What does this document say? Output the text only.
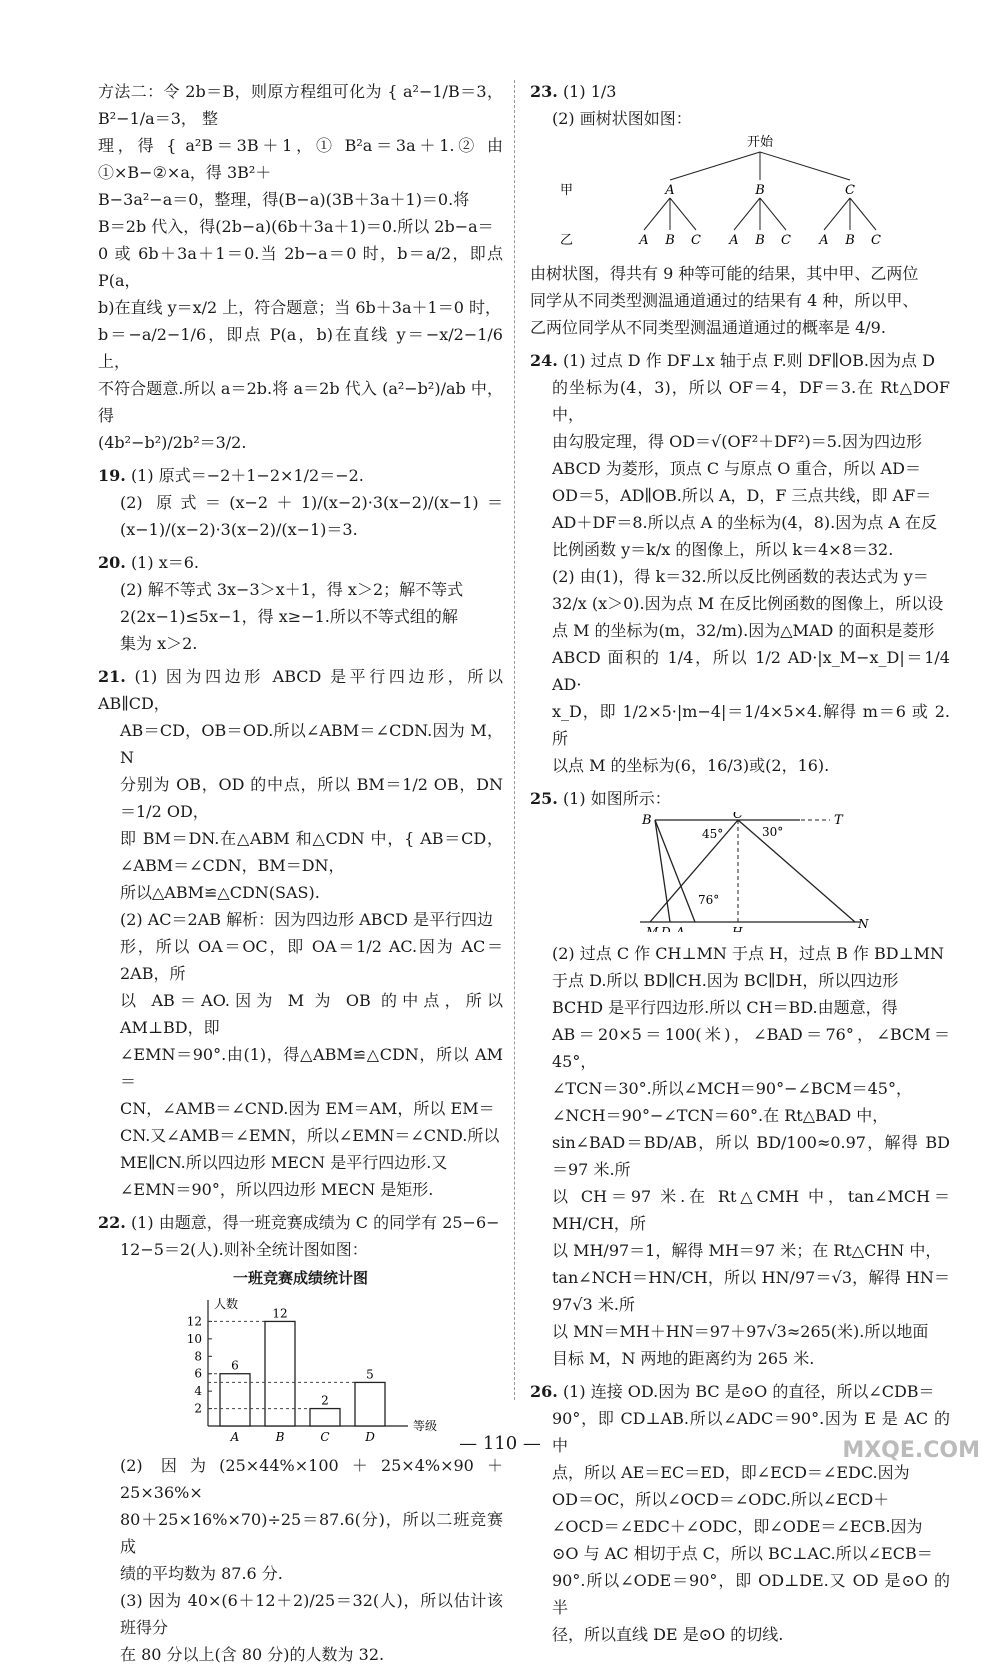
方法二：令 2b＝B，则原方程组可化为 { a²−1/B＝3，B²−1/a＝3， 整

理，得 { a²B＝3B＋1，① B²a＝3a＋1.② 由①×B−②×a，得 3B²＋

B−3a²−a＝0，整理，得(B−a)(3B＋3a＋1)＝0.将

B＝2b 代入，得(2b−a)(6b＋3a＋1)＝0.所以 2b−a＝

0 或 6b＋3a＋1＝0.当 2b−a＝0 时，b＝a/2，即点 P(a，

b)在直线 y＝x/2 上，符合题意；当 6b＋3a＋1＝0 时，

b＝−a/2−1/6，即点 P(a，b)在直线 y＝−x/2−1/6 上，

不符合题意.所以 a＝2b.将 a＝2b 代入 (a²−b²)/ab 中，得

(4b²−b²)/2b²＝3/2.

19. (1) 原式＝−2＋1−2×1/2＝−2.

(2) 原式＝(x−2＋1)/(x−2)·3(x−2)/(x−1)＝(x−1)/(x−2)·3(x−2)/(x−1)＝3.

20. (1) x＝6.

(2) 解不等式 3x−3＞x＋1，得 x＞2；解不等式

2(2x−1)≤5x−1，得 x≥−1.所以不等式组的解

集为 x＞2.

21. (1) 因为四边形 ABCD 是平行四边形，所以 AB∥CD，

AB＝CD，OB＝OD.所以∠ABM＝∠CDN.因为 M，N

分别为 OB，OD 的中点，所以 BM＝1/2 OB，DN＝1/2 OD，

即 BM＝DN.在△ABM 和△CDN 中，{ AB＝CD，∠ABM＝∠CDN，BM＝DN，

所以△ABM≌△CDN(SAS).

(2) AC＝2AB 解析：因为四边形 ABCD 是平行四边

形，所以 OA＝OC，即 OA＝1/2 AC.因为 AC＝2AB，所

以 AB＝AO.因为 M 为 OB 的中点，所以 AM⊥BD，即

∠EMN＝90°.由(1)，得△ABM≌△CDN，所以 AM＝

CN，∠AMB＝∠CND.因为 EM＝AM，所以 EM＝

CN.又∠AMB＝∠EMN，所以∠EMN＝∠CND.所以

ME∥CN.所以四边形 MECN 是平行四边形.又

∠EMN＝90°，所以四边形 MECN 是矩形.

22. (1) 由题意，得一班竞赛成绩为 C 的同学有 25−6−

12−5＝2(人).则补全统计图如图：

一班竞赛成绩统计图
人数
等级
2
4
6
8
10
12
6
A
12
B
2
C
5
D

(2) 因为(25×44%×100＋25×4%×90＋25×36%×

80＋25×16%×70)÷25＝87.6(分)，所以二班竞赛成

绩的平均数为 87.6 分.

(3) 因为 40×(6＋12＋2)/25＝32(人)，所以估计该班得分

在 80 分以上(含 80 分)的人数为 32.

23. (1) 1/3

(2) 画树状图如图：

开始
甲
乙
A
A B C
B
A B C
C
A B C

由树状图，得共有 9 种等可能的结果，其中甲、乙两位

同学从不同类型测温通道通过的结果有 4 种，所以甲、

乙两位同学从不同类型测温通道通过的概率是 4/9.

24. (1) 过点 D 作 DF⊥x 轴于点 F.则 DF∥OB.因为点 D

的坐标为(4，3)，所以 OF＝4，DF＝3.在 Rt△DOF 中，

由勾股定理，得 OD＝√(OF²＋DF²)＝5.因为四边形

ABCD 为菱形，顶点 C 与原点 O 重合，所以 AD＝

OD＝5，AD∥OB.所以 A，D，F 三点共线，即 AF＝

AD＋DF＝8.所以点 A 的坐标为(4，8).因为点 A 在反

比例函数 y＝k/x 的图像上，所以 k＝4×8＝32.

(2) 由(1)，得 k＝32.所以反比例函数的表达式为 y＝

32/x (x＞0).因为点 M 在反比例函数的图像上，所以设

点 M 的坐标为(m，32/m).因为△MAD 的面积是菱形

ABCD 面积的 1/4，所以 1/2 AD·|x_M−x_D|＝1/4 AD·

x_D，即 1/2×5·|m−4|＝1/4×5×4.解得 m＝6 或 2.所

以点 M 的坐标为(6，16/3)或(2，16).

25. (1) 如图所示：

B	C	T
45°	30°
76°
M D A	H
N

(2) 过点 C 作 CH⊥MN 于点 H，过点 B 作 BD⊥MN

于点 D.所以 BD∥CH.因为 BC∥DH，所以四边形

BCHD 是平行四边形.所以 CH＝BD.由题意，得

AB＝20×5＝100(米)，∠BAD＝76°，∠BCM＝45°，

∠TCN＝30°.所以∠MCH＝90°−∠BCM＝45°，

∠NCH＝90°−∠TCN＝60°.在 Rt△BAD 中，

sin∠BAD＝BD/AB，所以 BD/100≈0.97，解得 BD＝97 米.所

以 CH＝97 米.在 Rt△CMH 中，tan∠MCH＝MH/CH，所

以 MH/97＝1，解得 MH＝97 米；在 Rt△CHN 中，

tan∠NCH＝HN/CH，所以 HN/97＝√3，解得 HN＝97√3 米.所

以 MN＝MH＋HN＝97＋97√3≈265(米).所以地面

目标 M，N 两地的距离约为 265 米.

26. (1) 连接 OD.因为 BC 是⊙O 的直径，所以∠CDB＝

90°，即 CD⊥AB.所以∠ADC＝90°.因为 E 是 AC 的中

点，所以 AE＝EC＝ED，即∠ECD＝∠EDC.因为

OD＝OC，所以∠OCD＝∠ODC.所以∠ECD＋

∠OCD＝∠EDC＋∠ODC，即∠ODE＝∠ECB.因为

⊙O 与 AC 相切于点 C，所以 BC⊥AC.所以∠ECB＝

90°.所以∠ODE＝90°，即 OD⊥DE.又 OD 是⊙O 的半

径，所以直线 DE 是⊙O 的切线.

— 110 —	MXQE.COM
